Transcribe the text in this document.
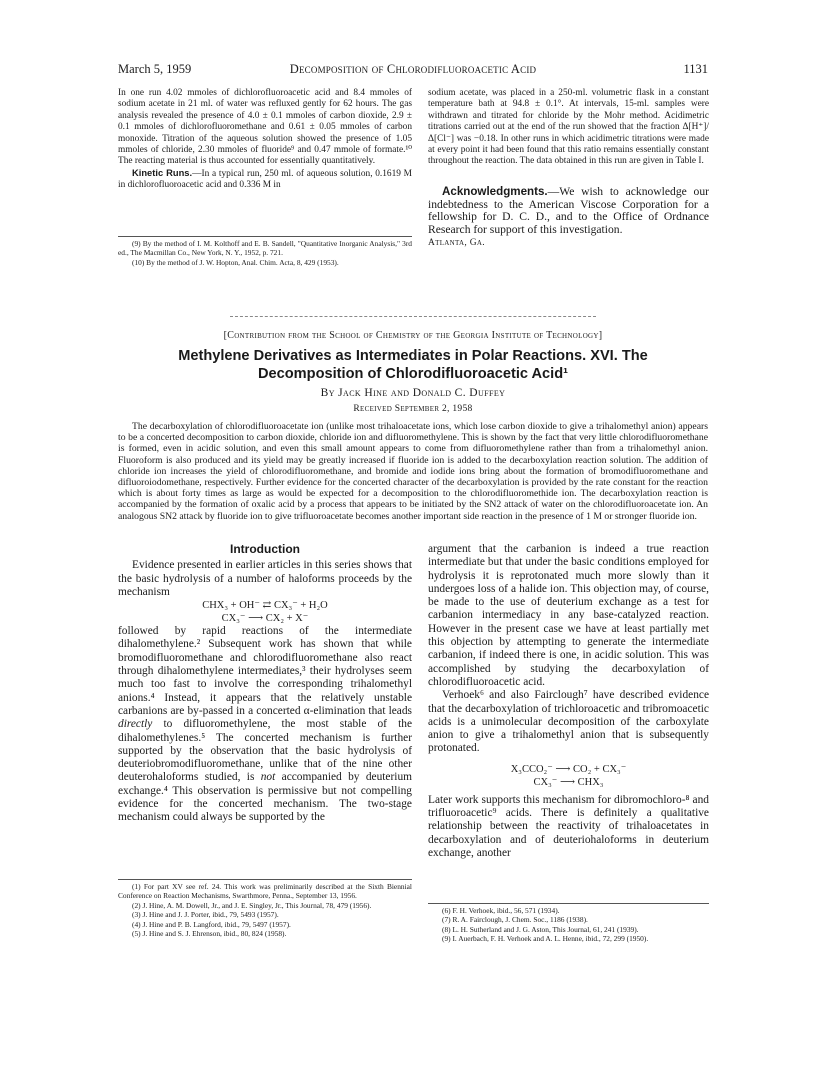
March 5, 1959	Decomposition of Chlorodifluoroacetic Acid	1131

In one run 4.02 mmoles of dichlorofluoroacetic acid and 8.4 mmoles of sodium acetate in 21 ml. of water was refluxed gently for 62 hours. The gas analysis revealed the presence of 4.0 ± 0.1 mmoles of carbon dioxide, 2.9 ± 0.1 mmoles of dichlorofluoromethane and 0.61 ± 0.05 mmoles of carbon monoxide. Titration of the aqueous solution showed the presence of 1.05 mmoles of chloride, 2.30 mmoles of fluoride⁹ and 0.47 mmole of formate.¹⁰ The reacting material is thus accounted for essentially quantitatively.

Kinetic Runs.—In a typical run, 250 ml. of aqueous solution, 0.1619 M in dichlorofluoroacetic acid and 0.336 M in

(9) By the method of I. M. Kolthoff and E. B. Sandell, "Quantitative Inorganic Analysis," 3rd ed., The Macmillan Co., New York, N. Y., 1952, p. 721.

(10) By the method of J. W. Hopton, Anal. Chim. Acta, 8, 429 (1953).

sodium acetate, was placed in a 250-ml. volumetric flask in a constant temperature bath at 94.8 ± 0.1°. At intervals, 15-ml. samples were withdrawn and titrated for chloride by the Mohr method. Acidimetric titrations carried out at the end of the run showed that the fraction Δ[H⁺]/Δ[Cl⁻] was −0.18. In other runs in which acidimetric titrations were made at every point it had been found that this ratio remains essentially constant throughout the reaction. The data obtained in this run are given in Table I.

Acknowledgments.—We wish to acknowledge our indebtedness to the American Viscose Corporation for a fellowship for D. C. D., and to the Office of Ordnance Research for support of this investigation.

Atlanta, Ga.

[Contribution from the School of Chemistry of the Georgia Institute of Technology]
Methylene Derivatives as Intermediates in Polar Reactions. XVI. The
Decomposition of Chlorodifluoroacetic Acid¹
By Jack Hine and Donald C. Duffey
Received September 2, 1958
The decarboxylation of chlorodifluoroacetate ion (unlike most trihaloacetate ions, which lose carbon dioxide to give a trihalomethyl anion) appears to be a concerted decomposition to carbon dioxide, chloride ion and difluoromethylene. This is shown by the fact that very little chlorodifluoromethane is formed, even in acidic solution, and even this small amount appears to come from difluoromethylene rather than from a trihalomethyl anion. Fluoroform is also produced and its yield may be greatly increased if fluoride ion is added to the decarboxylation reaction solution. The addition of chloride ion increases the yield of chlorodifluoromethane, and bromide and iodide ions bring about the formation of bromodifluoromethane and difluoroiodomethane, respectively. Further evidence for the concerted character of the decarboxylation is provided by the rate constant for the reaction which is about forty times as large as would be expected for a decomposition to the chlorodifluoromethide ion. The decarboxylation reaction is accompanied by the formation of oxalic acid by a process that appears to be initiated by the SN2 attack of water on the chlorodifluoroacetate ion. An analogous SN2 attack by fluoride ion to give trifluoroacetate becomes another important side reaction in the presence of 1 M or stronger fluoride ion.
Introduction

Evidence presented in earlier articles in this series shows that the basic hydrolysis of a number of haloforms proceeds by the mechanism

CHX₃ + OH⁻ ⇄ CX₃⁻ + H₂O
CX₃⁻ ⟶ CX₂ + X⁻

followed by rapid reactions of the intermediate dihalomethylene.² Subsequent work has shown that while bromodifluoromethane and chlorodifluoromethane also react through dihalomethylene intermediates,³ their hydrolyses seem much too fast to involve the corresponding trihalomethyl anions.⁴ Instead, it appears that the relatively unstable carbanions are by-passed in a concerted α-elimination that leads directly to difluoromethylene, the most stable of the dihalomethylenes.⁵ The concerted mechanism is further supported by the observation that the basic hydrolysis of deuteriobromodifluoromethane, unlike that of the nine other deuterohaloforms studied, is not accompanied by deuterium exchange.⁴ This observation is permissive but not compelling evidence for the concerted mechanism. The two-stage mechanism could always be supported by the

(1) For part XV see ref. 24. This work was preliminarily described at the Sixth Biennial Conference on Reaction Mechanisms, Swarthmore, Penna., September 13, 1956.

(2) J. Hine, A. M. Dowell, Jr., and J. E. Singley, Jr., This Journal, 78, 479 (1956).

(3) J. Hine and J. J. Porter, ibid., 79, 5493 (1957).

(4) J. Hine and P. B. Langford, ibid., 79, 5497 (1957).

(5) J. Hine and S. J. Ehrenson, ibid., 80, 824 (1958).

argument that the carbanion is indeed a true reaction intermediate but that under the basic conditions employed for hydrolysis it is reprotonated much more slowly than it undergoes loss of a halide ion. This objection may, of course, be made to the use of deuterium exchange as a test for carbanion intermediacy in any base-catalyzed reaction. However in the present case we have at least partially met this objection by attempting to generate the intermediate carbanion, if indeed there is one, in acidic solution. This was accomplished by studying the decarboxylation of chlorodifluoroacetic acid.

Verhoek⁶ and also Fairclough⁷ have described evidence that the decarboxylation of trichloroacetic and tribromoacetic acids is a unimolecular decomposition of the carboxylate anion to give a trihalomethyl anion that is subsequently protonated.

X₃CCO₂⁻ ⟶ CO₂ + CX₃⁻
CX₃⁻ ⟶ CHX₃

Later work supports this mechanism for dibromochloro-⁸ and trifluoroacetic⁹ acids. There is definitely a qualitative relationship between the reactivity of trihaloacetates in decarboxylation and of deuteriohaloforms in deuterium exchange, another

(6) F. H. Verhoek, ibid., 56, 571 (1934).

(7) R. A. Fairclough, J. Chem. Soc., 1186 (1938).

(8) L. H. Sutherland and J. G. Aston, This Journal, 61, 241 (1939).

(9) I. Auerbach, F. H. Verhoek and A. L. Henne, ibid., 72, 299 (1950).
